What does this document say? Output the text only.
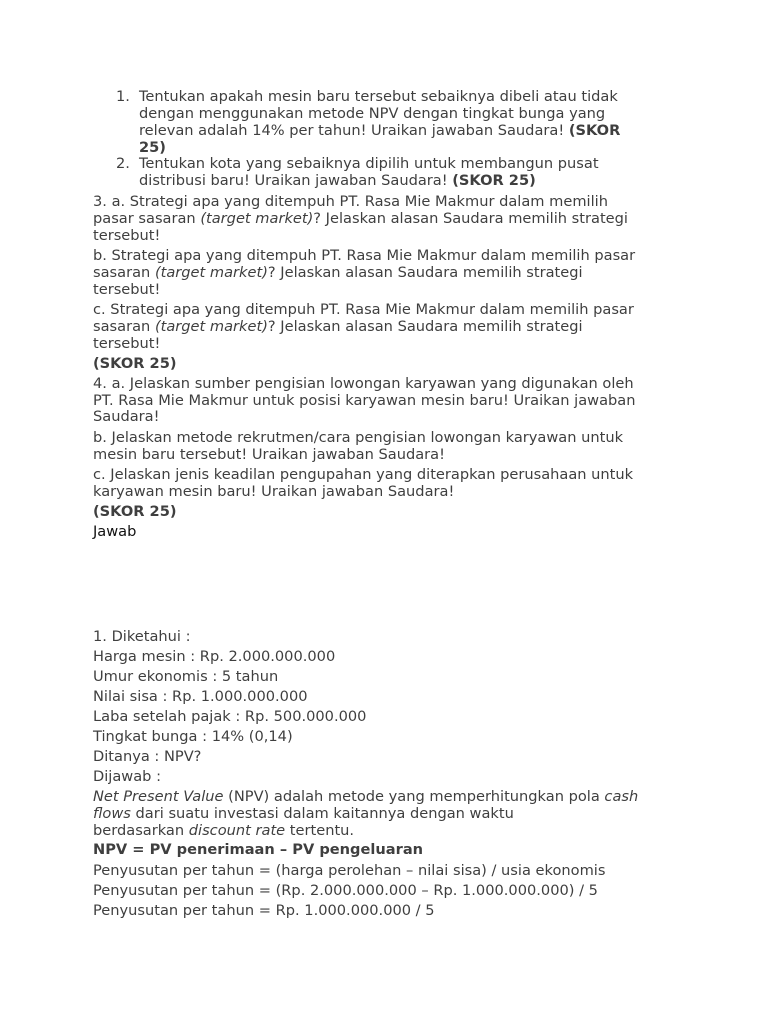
1. Tentukan apakah mesin baru tersebut sebaiknya dibeli atau tidak
dengan menggunakan metode NPV dengan tingkat bunga yang

relevan adalah 14% per tahun! Uraikan jawaban Saudara! (SKOR

25)
2. Tentukan kota yang sebaiknya dipilih untuk membangun pusat

distribusi baru! Uraikan jawaban Saudara! (SKOR 25)

3. a. Strategi apa yang ditempuh PT. Rasa Mie Makmur dalam memilih

pasar sasaran (target market)? Jelaskan alasan Saudara memilih strategi

tersebut!
b. Strategi apa yang ditempuh PT. Rasa Mie Makmur dalam memilih pasar

sasaran (target market)? Jelaskan alasan Saudara memilih strategi

tersebut!
c. Strategi apa yang ditempuh PT. Rasa Mie Makmur dalam memilih pasar

sasaran (target market)? Jelaskan alasan Saudara memilih strategi

tersebut!
(SKOR 25)
4. a. Jelaskan sumber pengisian lowongan karyawan yang digunakan oleh
PT. Rasa Mie Makmur untuk posisi karyawan mesin baru! Uraikan jawaban
Saudara!
b. Jelaskan metode rekrutmen/cara pengisian lowongan karyawan untuk
mesin baru tersebut! Uraikan jawaban Saudara!
c. Jelaskan jenis keadilan pengupahan yang diterapkan perusahaan untuk
karyawan mesin baru! Uraikan jawaban Saudara!
(SKOR 25)
Jawab
1. Diketahui :
Harga mesin : Rp. 2.000.000.000
Umur ekonomis : 5 tahun
Nilai sisa : Rp. 1.000.000.000
Laba setelah pajak : Rp. 500.000.000
Tingkat bunga : 14% (0,14)
Ditanya : NPV?
Dijawab :

Net Present Value (NPV) adalah metode yang memperhitungkan pola cash

flows dari suatu investasi dalam kaitannya dengan waktu

berdasarkan discount rate tertentu.

NPV = PV penerimaan – PV pengeluaran
Penyusutan per tahun = (harga perolehan – nilai sisa) / usia ekonomis
Penyusutan per tahun = (Rp. 2.000.000.000 – Rp. 1.000.000.000) / 5
Penyusutan per tahun = Rp. 1.000.000.000 / 5
